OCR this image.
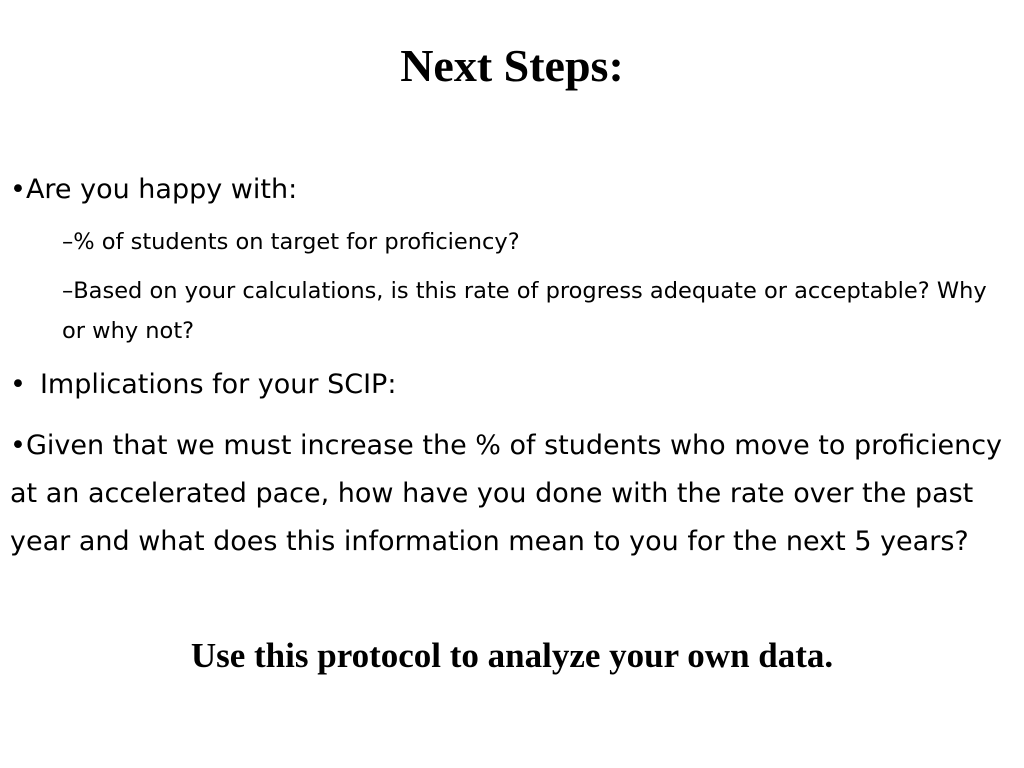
Next Steps:

•Are you happy with:

–% of students on target for proficiency?

–Based on your calculations, is this rate of progress adequate or acceptable? Why or why not?

• Implications for your SCIP:

•Given that we must increase the % of students who move to proficiency at an accelerated pace, how have you done with the rate over the past year and what does this information mean to you for the next 5 years?

Use this protocol to analyze your own data.
